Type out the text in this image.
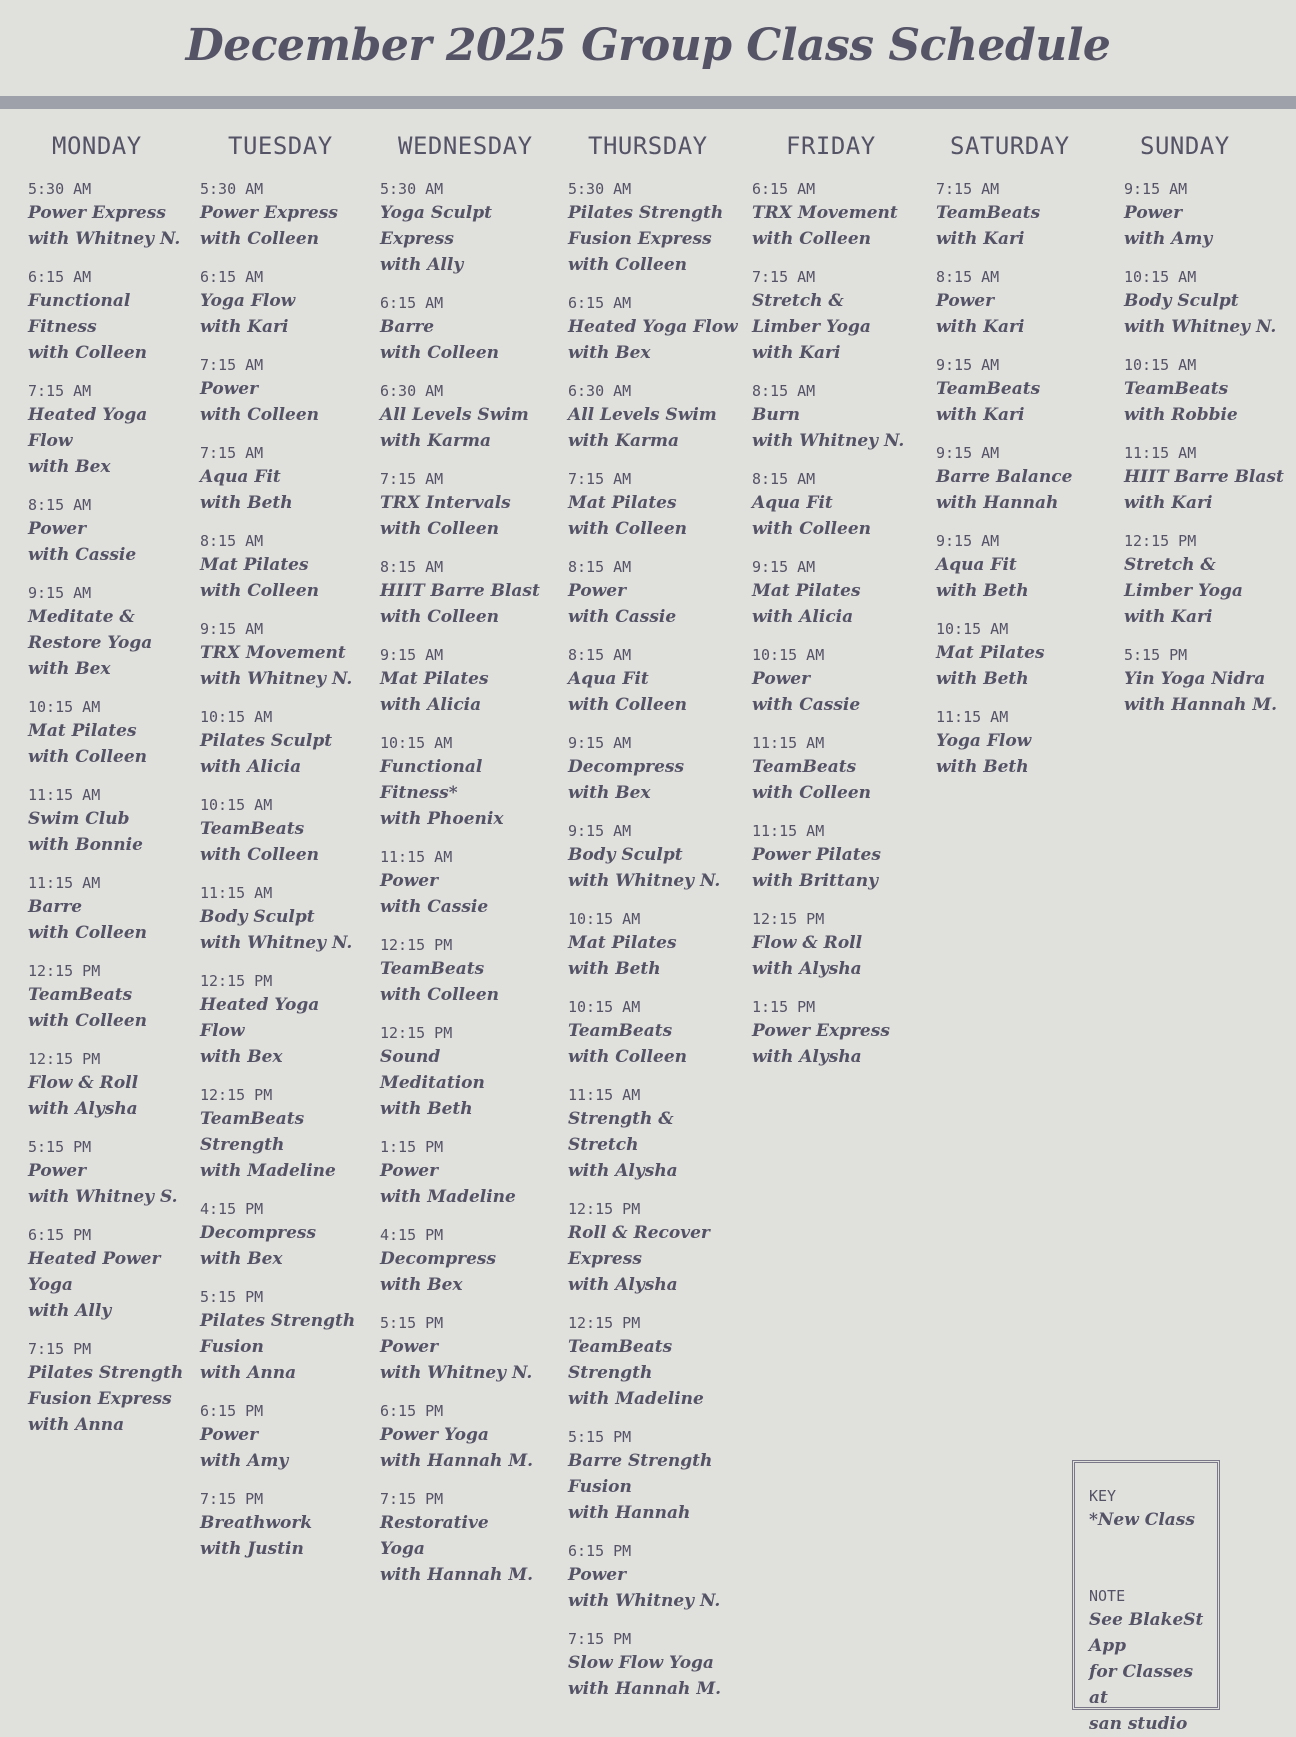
December 2025 Group Class Schedule
MONDAY
5:30 AM
Power Express
with Whitney N.
6:15 AM
Functional
Fitness
with Colleen
7:15 AM
Heated Yoga
Flow
with Bex
8:15 AM
Power
with Cassie
9:15 AM
Meditate &
Restore Yoga
with Bex
10:15 AM
Mat Pilates
with Colleen
11:15 AM
Swim Club
with Bonnie
11:15 AM
Barre
with Colleen
12:15 PM
TeamBeats
with Colleen
12:15 PM
Flow & Roll
with Alysha
5:15 PM
Power
with Whitney S.
6:15 PM
Heated Power
Yoga
with Ally
7:15 PM
Pilates Strength
Fusion Express
with Anna
TUESDAY
5:30 AM
Power Express
with Colleen
6:15 AM
Yoga Flow
with Kari
7:15 AM
Power
with Colleen
7:15 AM
Aqua Fit
with Beth
8:15 AM
Mat Pilates
with Colleen
9:15 AM
TRX Movement
with Whitney N.
10:15 AM
Pilates Sculpt
with Alicia
10:15 AM
TeamBeats
with Colleen
11:15 AM
Body Sculpt
with Whitney N.
12:15 PM
Heated Yoga
Flow
with Bex
12:15 PM
TeamBeats
Strength
with Madeline
4:15 PM
Decompress
with Bex
5:15 PM
Pilates Strength
Fusion
with Anna
6:15 PM
Power
with Amy
7:15 PM
Breathwork
with Justin
WEDNESDAY
5:30 AM
Yoga Sculpt
Express
with Ally
6:15 AM
Barre
with Colleen
6:30 AM
All Levels Swim
with Karma
7:15 AM
TRX Intervals
with Colleen
8:15 AM
HIIT Barre Blast
with Colleen
9:15 AM
Mat Pilates
with Alicia
10:15 AM
Functional
Fitness*
with Phoenix
11:15 AM
Power
with Cassie
12:15 PM
TeamBeats
with Colleen
12:15 PM
Sound
Meditation
with Beth
1:15 PM
Power
with Madeline
4:15 PM
Decompress
with Bex
5:15 PM
Power
with Whitney N.
6:15 PM
Power Yoga
with Hannah M.
7:15 PM
Restorative
Yoga
with Hannah M.
THURSDAY
5:30 AM
Pilates Strength
Fusion Express
with Colleen
6:15 AM
Heated Yoga Flow
with Bex
6:30 AM
All Levels Swim
with Karma
7:15 AM
Mat Pilates
with Colleen
8:15 AM
Power
with Cassie
8:15 AM
Aqua Fit
with Colleen
9:15 AM
Decompress
with Bex
9:15 AM
Body Sculpt
with Whitney N.
10:15 AM
Mat Pilates
with Beth
10:15 AM
TeamBeats
with Colleen
11:15 AM
Strength &
Stretch
with Alysha
12:15 PM
Roll & Recover
Express
with Alysha
12:15 PM
TeamBeats
Strength
with Madeline
5:15 PM
Barre Strength
Fusion
with Hannah
6:15 PM
Power
with Whitney N.
7:15 PM
Slow Flow Yoga
with Hannah M.
FRIDAY
6:15 AM
TRX Movement
with Colleen
7:15 AM
Stretch &
Limber Yoga
with Kari
8:15 AM
Burn
with Whitney N.
8:15 AM
Aqua Fit
with Colleen
9:15 AM
Mat Pilates
with Alicia
10:15 AM
Power
with Cassie
11:15 AM
TeamBeats
with Colleen
11:15 AM
Power Pilates
with Brittany
12:15 PM
Flow & Roll
with Alysha
1:15 PM
Power Express
with Alysha
SATURDAY
7:15 AM
TeamBeats
with Kari
8:15 AM
Power
with Kari
9:15 AM
TeamBeats
with Kari
9:15 AM
Barre Balance
with Hannah
9:15 AM
Aqua Fit
with Beth
10:15 AM
Mat Pilates
with Beth
11:15 AM
Yoga Flow
with Beth
SUNDAY
9:15 AM
Power
with Amy
10:15 AM
Body Sculpt
with Whitney N.
10:15 AM
TeamBeats
with Robbie
11:15 AM
HIIT Barre Blast
with Kari
12:15 PM
Stretch &
Limber Yoga
with Kari
5:15 PM
Yin Yoga Nidra
with Hannah M.
KEY
*New Class
NOTE
See BlakeSt App
for Classes at
san studio
